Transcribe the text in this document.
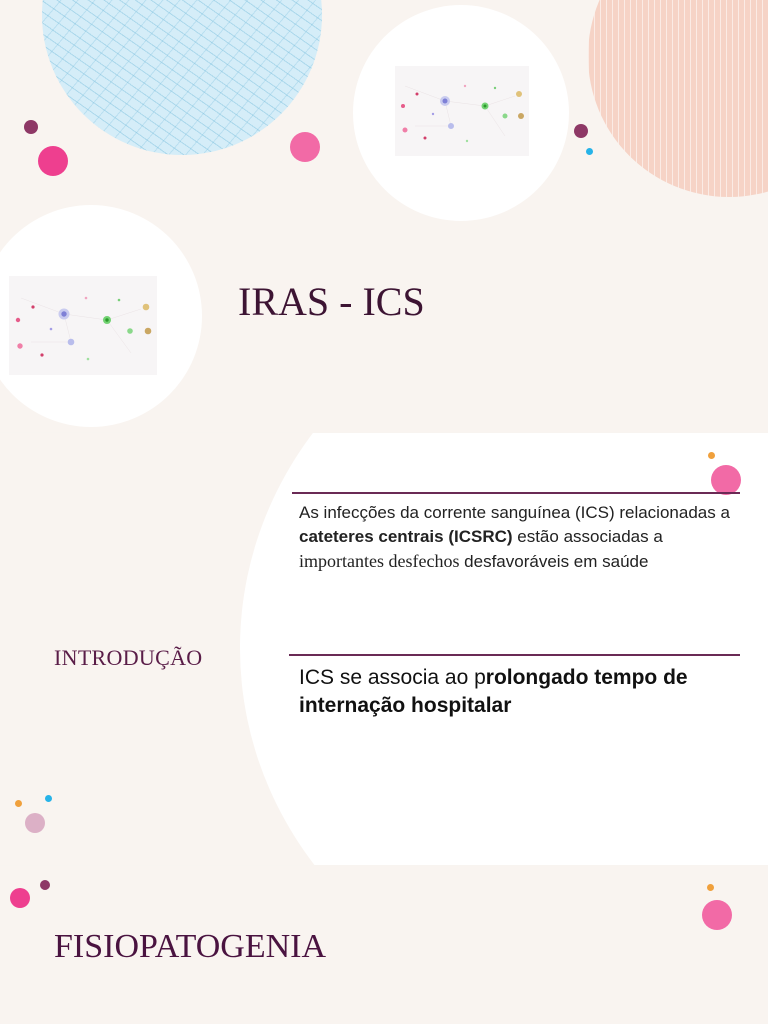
IRAS - ICS
As infecções da corrente sanguínea (ICS) relacionadas a cateteres centrais (ICSRC) estão associadas a importantes desfechos desfavoráveis em saúde
INTRODUÇÃO
ICS se associa ao prolongado tempo de internação hospitalar
FISIOPATOGENIA
